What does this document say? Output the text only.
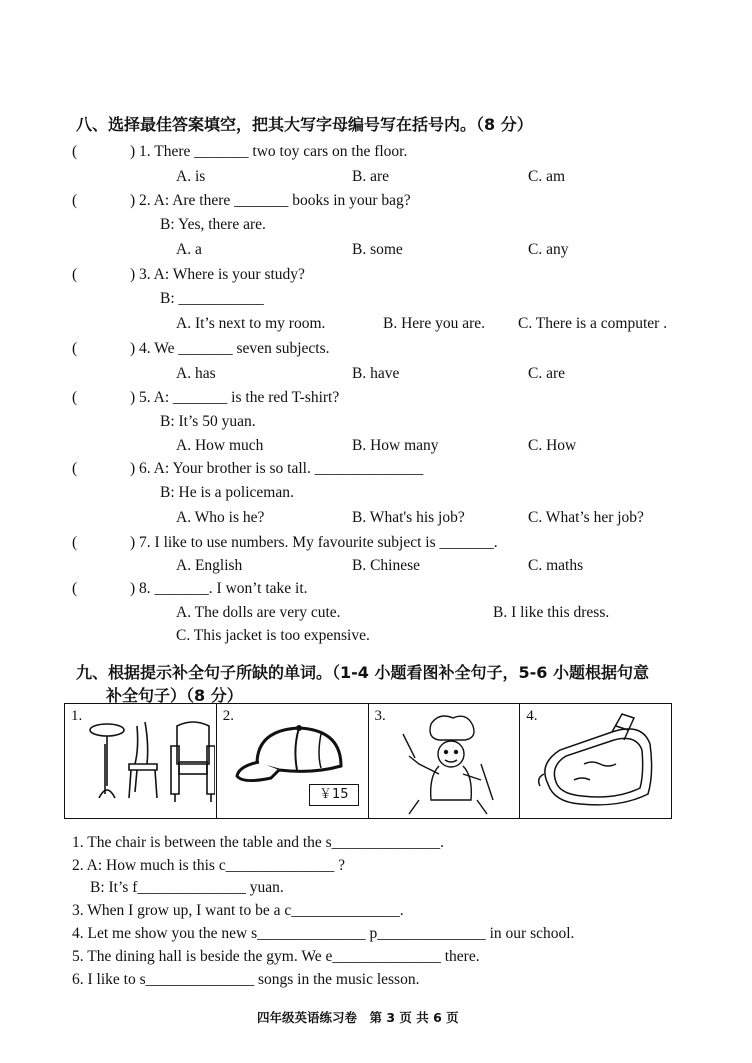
八、选择最佳答案填空，把其大写字母编号写在括号内。（8 分）
(	) 1. There _______ two toy cars on the floor.
A. is	B. are	C. am
(	) 2. A: Are there _______ books in your bag?
B: Yes, there are.
A. a	B. some	C. any
(	) 3. A: Where is your study?
B: ___________
A. It’s next to my room.	B. Here you are. C. There is a computer .
(	) 4. We _______ seven subjects.
A. has	B. have	C. are
(	) 5. A: _______ is the red T-shirt?
B: It’s 50 yuan.
A. How much	B. How many	C. How
(	) 6. A: Your brother is so tall. ______________
B: He is a policeman.
A. Who is he?	B. What's his job?	C. What’s her job?
(	) 7. I like to use numbers. My favourite subject is _______.
A. English	B. Chinese	C. maths
(	) 8. _______. I won’t take it.
A. The dolls are very cute.	B. I like this dress.
C. This jacket is too expensive.
九、根据提示补全句子所缺的单词。（1-4 小题看图补全句子，5-6 小题根据句意
补全句子）（8 分）
1.	2.
￥15
3.	4.
1. The chair is between the table and the s______________.
2. A: How much is this c______________ ?
B: It’s f______________ yuan.
3. When I grow up, I want to be a c______________.
4. Let me show you the new s______________ p______________ in our school.
5. The dining hall is beside the gym. We e______________ there.
6. I like to s______________ songs in the music lesson.
四年级英语练习卷　第 3 页 共 6 页
